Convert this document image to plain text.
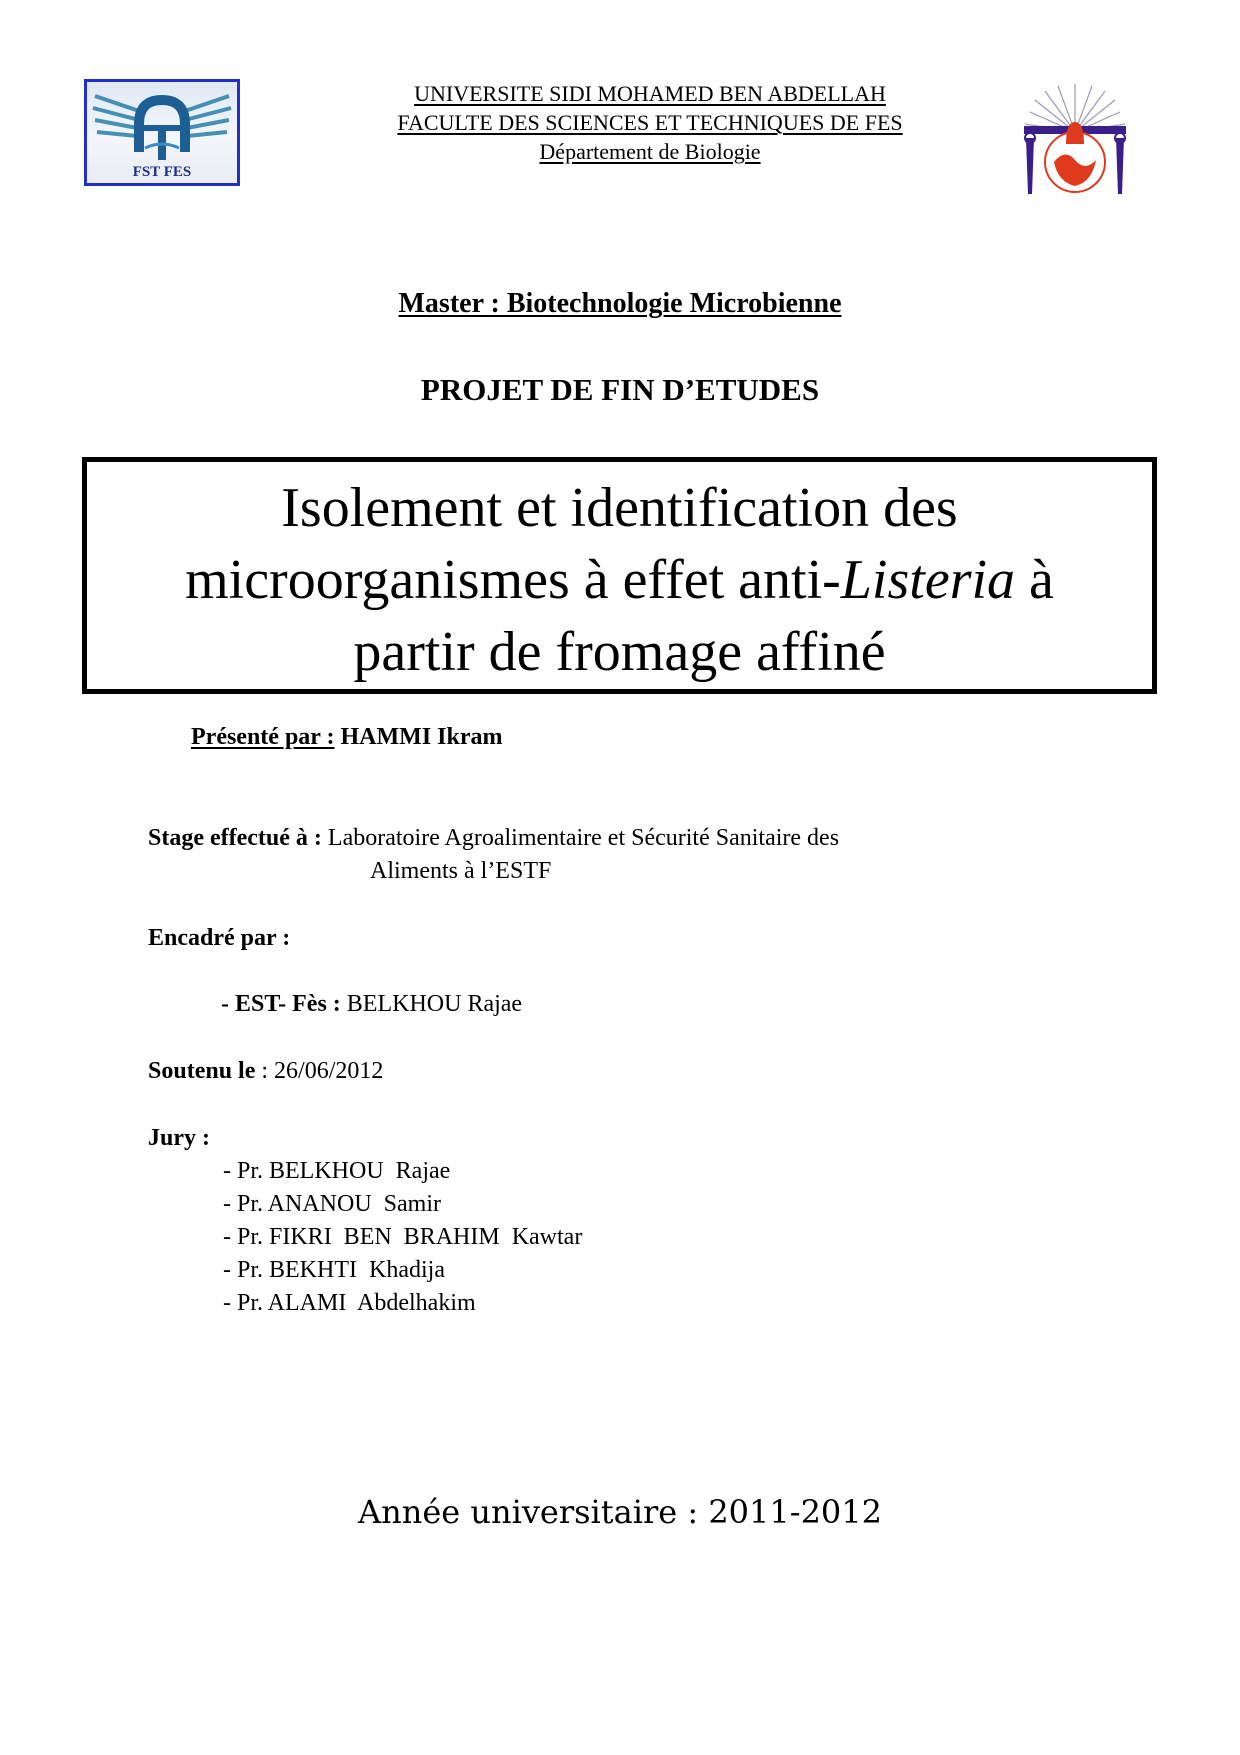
FST FES
UNIVERSITE SIDI MOHAMED BEN ABDELLAH
FACULTE DES SCIENCES ET TECHNIQUES DE FES
Département de Biologie
Master : Biotechnologie Microbienne
PROJET DE FIN D’ETUDES
Isolement et identification des
microorganismes à effet anti-Listeria à
partir de fromage affiné
Présenté par : HAMMI Ikram
Stage effectué à : Laboratoire Agroalimentaire et Sécurité Sanitaire des
Aliments à l’ESTF
Encadré par :
- EST- Fès : BELKHOU Rajae
Soutenu le : 26/06/2012
Jury :
- Pr. BELKHOU  Rajae
- Pr. ANANOU  Samir
- Pr. FIKRI  BEN  BRAHIM  Kawtar
- Pr. BEKHTI  Khadija
- Pr. ALAMI  Abdelhakim
Année universitaire : 2011-2012
